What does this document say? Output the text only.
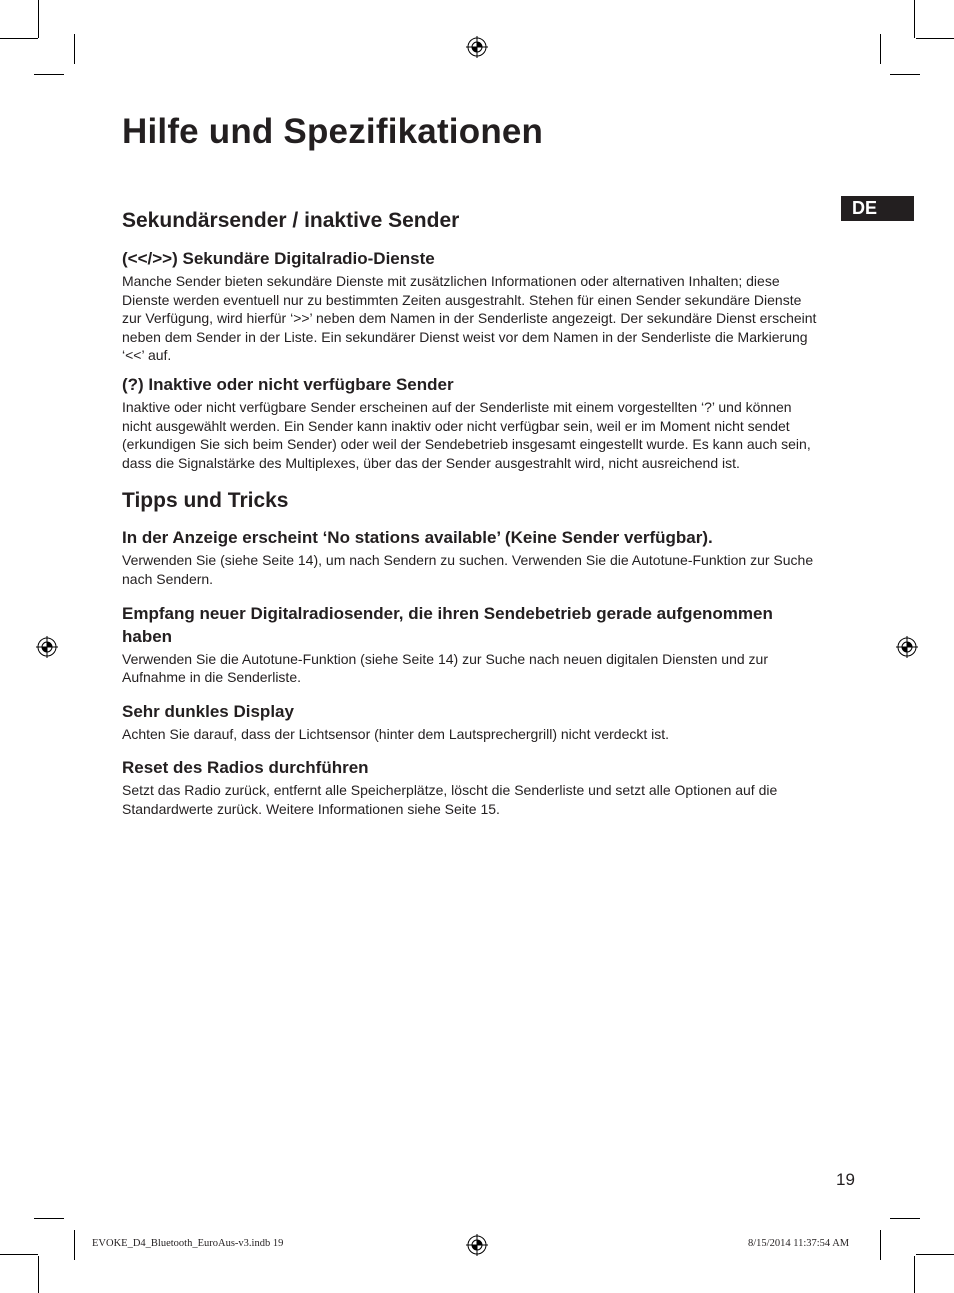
Hilfe und Spezifikationen
DE
Sekundärsender / inaktive Sender
(<</>>) Sekundäre Digitalradio-Dienste

Manche Sender bieten sekundäre Dienste mit zusätzlichen Informationen oder alternativen Inhalten; diese Dienste werden eventuell nur zu bestimmten Zeiten ausgestrahlt. Stehen für einen Sender sekundäre Dienste zur Verfügung, wird hierfür ‘>>’ neben dem Namen in der Senderliste angezeigt. Der sekundäre Dienst erscheint neben dem Sender in der Liste. Ein sekundärer Dienst weist vor dem Namen in der Senderliste die Markierung ‘<<’ auf.

(?) Inaktive oder nicht verfügbare Sender

Inaktive oder nicht verfügbare Sender erscheinen auf der Senderliste mit einem vorgestellten ‘?’ und können nicht ausgewählt werden. Ein Sender kann inaktiv oder nicht verfügbar sein, weil er im Moment nicht sendet (erkundigen Sie sich beim Sender) oder weil der Sendebetrieb insgesamt eingestellt wurde. Es kann auch sein, dass die Signalstärke des Multiplexes, über das der Sender ausgestrahlt wird, nicht ausreichend ist.

Tipps und Tricks
In der Anzeige erscheint ‘No stations available’ (Keine Sender verfügbar).

Verwenden Sie (siehe Seite 14), um nach Sendern zu suchen. Verwenden Sie die Autotune-Funktion zur Suche nach Sendern.

Empfang neuer Digitalradiosender, die ihren Sendebetrieb gerade aufgenommen haben

Verwenden Sie die Autotune-Funktion (siehe Seite 14) zur Suche nach neuen digitalen Diensten und zur Aufnahme in die Senderliste.

Sehr dunkles Display

Achten Sie darauf, dass der Lichtsensor (hinter dem Lautsprechergrill) nicht verdeckt ist.

Reset des Radios durchführen

Setzt das Radio zurück, entfernt alle Speicherplätze, löscht die Senderliste und setzt alle Optionen auf die Standardwerte zurück. Weitere Informationen siehe Seite 15.

19
EVOKE_D4_Bluetooth_EuroAus-v3.indb 19	8/15/2014 11:37:54 AM
